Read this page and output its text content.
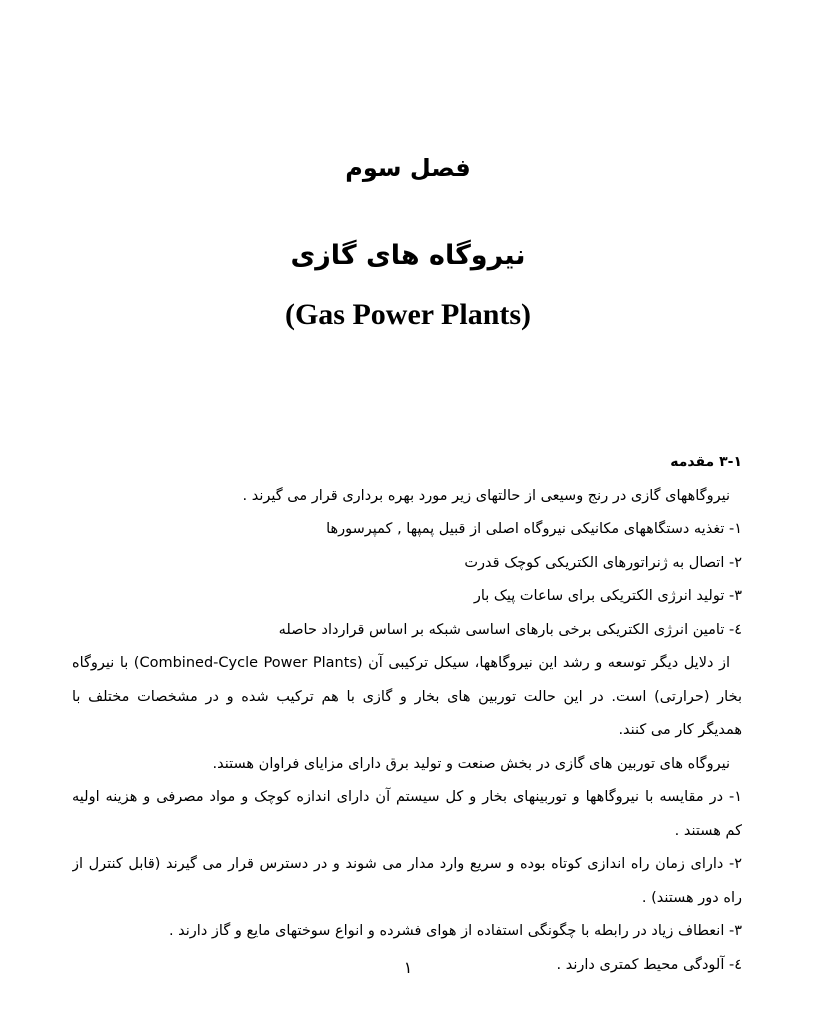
فصل سوم
نیروگاه های گازی
(Gas Power Plants)
۳-۱ مقدمه
نیروگاههای گازی در رنج وسیعی از حالتهای زیر مورد بهره برداری قرار می گیرند .
۱- تغذیه دستگاههای مکانیکی نیروگاه اصلی از قبیل پمپها , کمپرسورها
۲- اتصال به ژنراتورهای الکتریکی کوچک قدرت
۳- تولید انرژی الکتریکی برای ساعات پیک بار
٤- تامین انرژی الکتریکی برخی بارهای اساسی شبکه بر اساس قرارداد حاصله
از دلایل دیگر توسعه و رشد این نیروگاهها، سیکل ترکیبی آن (Combined-Cycle Power Plants) با نیروگاه
بخار (حرارتی) است. در این حالت توربین های بخار و گازی با هم ترکیب شده و در مشخصات مختلف با
همدیگر کار می کنند.
نیروگاه های توربین های گازی در بخش صنعت و تولید برق دارای مزایای فراوان هستند.
۱- در مقایسه با نیروگاهها و توربینهای بخار و کل سیستم آن دارای اندازه کوچک و مواد مصرفی و هزینه اولیه
کم هستند .
۲- دارای زمان راه اندازی کوتاه بوده و سریع وارد مدار می شوند و در دسترس قرار می گیرند (قابل کنترل از
راه دور هستند) .
۳- انعطاف زیاد در رابطه با چگونگی استفاده از هوای فشرده و انواع سوختهای مایع و گاز دارند .
٤- آلودگی محیط کمتری دارند .
۱
